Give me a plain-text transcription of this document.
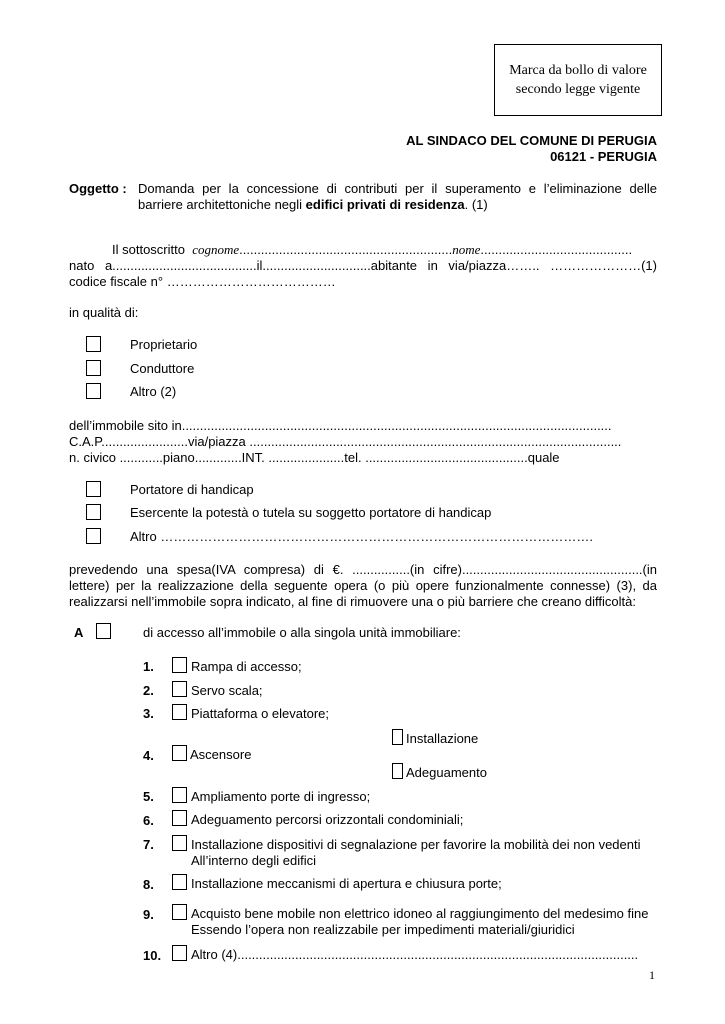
Marca da bollo di valore
secondo legge vigente
AL SINDACO DEL COMUNE DI PERUGIA
06121 - PERUGIA
Oggetto : Domanda per la concessione di contributi per il superamento e l’eliminazione delle
barriere architettoniche negli edifici privati di residenza. (1)
Il sottoscritto cognome...........................................................nome..........................................
nato a........................................il..............................abitante in via/piazza…….. …………………(1)
codice fiscale n° …………………………………
in qualità di:
Proprietario
Conduttore
Altro (2)
dell’immobile sito in.......................................................................................................................
C.A.P........................via/piazza .......................................................................................................
n. civico ............piano.............INT. .....................tel. .............................................quale
Portatore di handicap
Esercente la potestà o tutela su soggetto portatore di handicap
Altro ……………………………………………………………………………………….
prevedendo una spesa(IVA compresa) di €. ................(in cifre)..................................................(in
lettere) per la realizzazione della seguente opera (o più opere funzionalmente connesse) (3), da
realizzarsi nell’immobile sopra indicato, al fine di rimuovere una o più barriere che creano difficoltà:
A	di accesso all’immobile o alla singola unità immobiliare:
1.	Rampa di accesso;
2.	Servo scala;
3.	Piattaforma o elevatore;
Installazione
4.	Ascensore
Adeguamento
5.	Ampliamento porte di ingresso;
6.	Adeguamento percorsi orizzontali condominiali;
7.	Installazione dispositivi di segnalazione per favorire la mobilità dei non vedenti
All’interno degli edifici
8.	Installazione meccanismi di apertura e chiusura porte;
9.	Acquisto bene mobile non elettrico idoneo al raggiungimento del medesimo fine
Essendo l’opera non realizzabile per impedimenti materiali/giuridici
10. Altro (4)...............................................................................................................
1
